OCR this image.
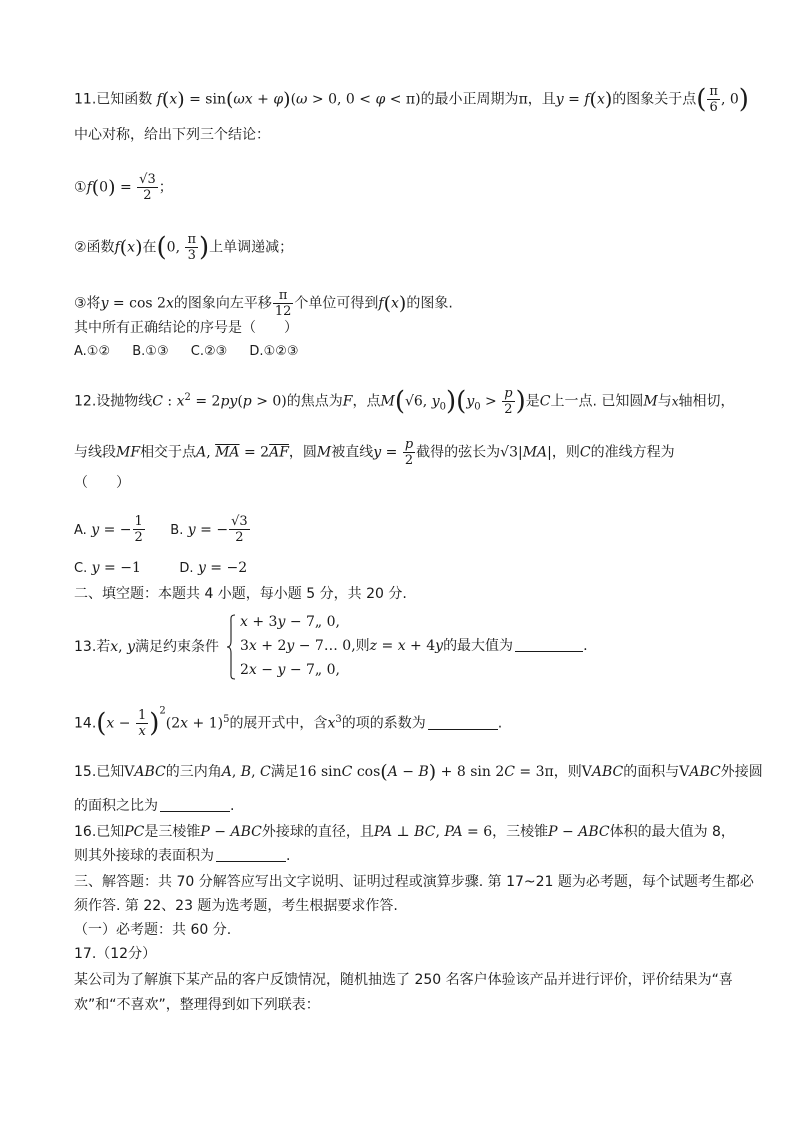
11.已知函数 f(x) = sin(ωx + φ)(ω > 0, 0 < φ < π)的最小正周期为π，且y = f(x)的图象关于点( $\frac{\pi}{6}$ , 0)
中心对称，给出下列三个结论：
①f(0) = $\frac{√3}{2}$ ；
②函数f(x)在(0, $\frac{\pi}{3}$ )上单调递减；
③将y = cos 2x的图象向左平移 $\frac{\pi}{12}$ 个单位可得到f(x)的图象.
其中所有正确结论的序号是（　　）
A.①② B.①③ C.②③ D.①②③
12.设抛物线C : $x^2 = 2py(p > 0)$的焦点为F，点M(√6, $y_0)(y_0 > \frac{p}{2}$ )是C上一点. 已知圆M与x轴相切，
与线段MF相交于点A, $\overline{MA} = 2\overline{AF}$，圆M被直线$y = \frac{p}{2}$ 截得的弦长为√3|MA|，则C的准线方程为
（　　）
A. y = − $\frac{1}{2} B$. y = − $\frac{√3}{2}$
C. y = −1	D. y = −2
二、填空题：本题共 4 小题，每小题 5 分，共 20 分.
13.若x, y满足约束条件
x + 3y − 7„ 0,
3x + 2y − 7… 0,则z = x + 4y的最大值为	.
2x − y − 7„ 0,
$14.(x - \frac{1}{x} )^2(2x + 1)^5$的展开式中，含$x^3$的项的系数为	.
15.已知VABC的三内角A, B, C满足16 sinC cos(A − B) + 8 sin 2C = 3π，则VABC的面积与VABC外接圆
的面积之比为	.
16.已知PC是三棱锥P − ABC外接球的直径，且PA ⊥ BC, PA = 6，三棱锥P − ABC体积的最大值为 8，
则其外接球的表面积为	.
三、解答题：共 70 分解答应写出文字说明、证明过程或演算步骤. 第 17~21 题为必考题，每个试题考生都必
须作答. 第 22、23 题为选考题，考生根据要求作答.
（一）必考题：共 60 分.
17.（12分）
某公司为了解旗下某产品的客户反馈情况，随机抽选了 250 名客户体验该产品并进行评价，评价结果为“喜
欢”和“不喜欢”，整理得到如下列联表：
